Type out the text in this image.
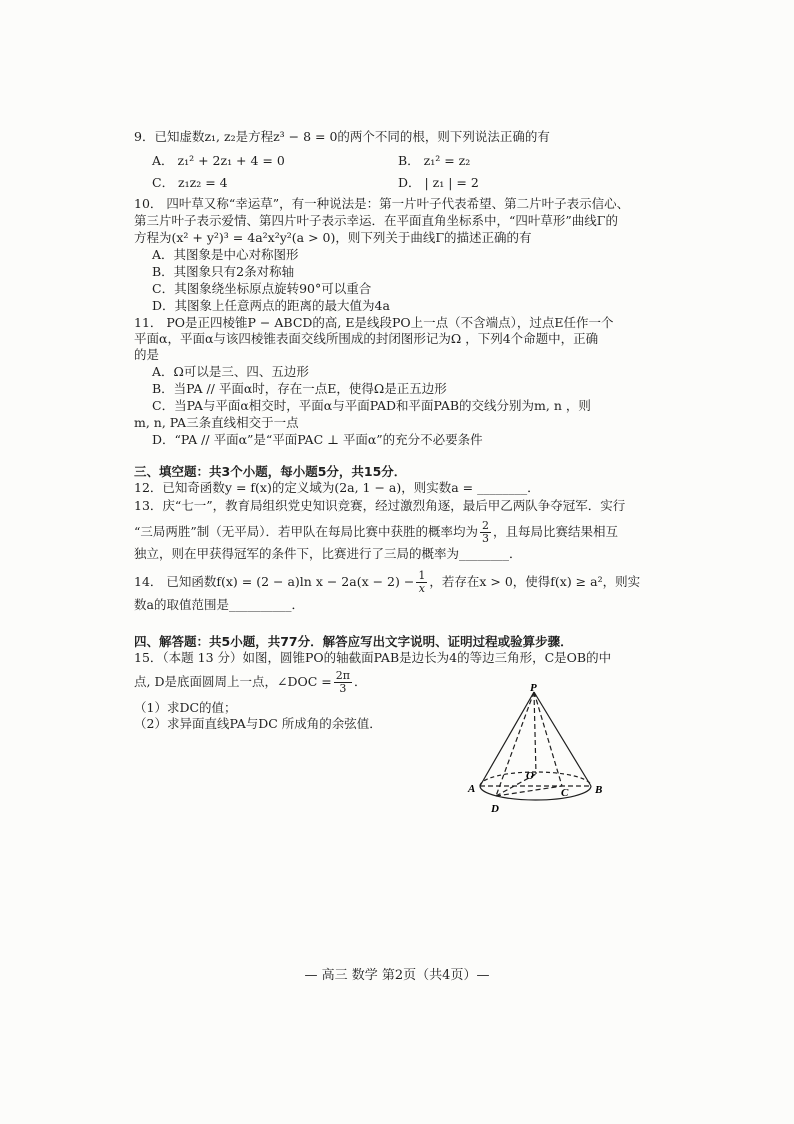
9．已知虚数z₁, z₂是方程z³ − 8 = 0的两个不同的根，则下列说法正确的有
A． z₁² + 2z₁ + 4 = 0	B． z₁² = z₂
C． z₁z₂ = 4	D． | z₁ | = 2
10． 四叶草又称“幸运草”，有一种说法是：第一片叶子代表希望、第二片叶子表示信心、
第三片叶子表示爱情、第四片叶子表示幸运．在平面直角坐标系中，“四叶草形”曲线Γ的
方程为(x² + y²)³ = 4a²x²y²(a > 0)，则下列关于曲线Γ的描述正确的有
A．其图象是中心对称图形
B．其图象只有2条对称轴
C．其图象绕坐标原点旋转90°可以重合
D．其图象上任意两点的距离的最大值为4a
11． PO是正四棱锥P − ABCD的高, E是线段PO上一点（不含端点），过点E任作一个
平面α，平面α与该四棱锥表面交线所围成的封闭图形记为Ω ，下列4个命题中，正确
的是
A．Ω可以是三、四、五边形
B．当PA // 平面α时，存在一点E，使得Ω是正五边形
C．当PA与平面α相交时，平面α与平面PAD和平面PAB的交线分别为m, n ，则
m, n, PA三条直线相交于一点
D．“PA // 平面α”是“平面PAC ⊥ 平面α”的充分不必要条件
三、填空题：共3个小题，每小题5分，共15分．
12．已知奇函数y = f(x)的定义域为(2a, 1 − a)，则实数a = ________．
13．庆“七一”，教育局组织党史知识竞赛，经过激烈角逐，最后甲乙两队争夺冠军．实行
“三局两胜”制（无平局）．若甲队在每局比赛中获胜的概率均为 $\frac{2}{3}$ ，且每局比赛结果相互
独立，则在甲获得冠军的条件下，比赛进行了三局的概率为________．
14． 已知函数f(x) = (2 − a)ln $x - 2a(x - 2) - \frac{1}{x}$ ，若存在x > 0，使得f(x) ≥ a²，则实
数a的取值范围是__________．
四、解答题：共5小题，共77分．解答应写出文字说明、证明过程或验算步骤．
15．（本题 13 分）如图，圆锥PO的轴截面PAB是边长为4的等边三角形，C是OB的中
点, D是底面圆周上一点，∠DOC = $\frac{2\pi}{3}$ ．
（1）求DC的值；
（2）求异面直线PA与DC 所成角的余弦值．
P
A	B
O
C
D
— 高三 数学 第2页（共4页）—
